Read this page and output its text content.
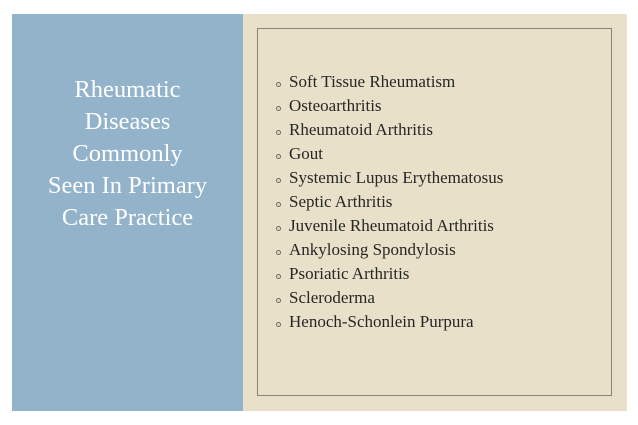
Rheumatic
Diseases
Commonly
Seen In Primary
Care Practice
Soft Tissue Rheumatism
Osteoarthritis
Rheumatoid Arthritis
Gout
Systemic Lupus Erythematosus
Septic Arthritis
Juvenile Rheumatoid Arthritis
Ankylosing Spondylosis
Psoriatic Arthritis
Scleroderma
Henoch-Schonlein Purpura
